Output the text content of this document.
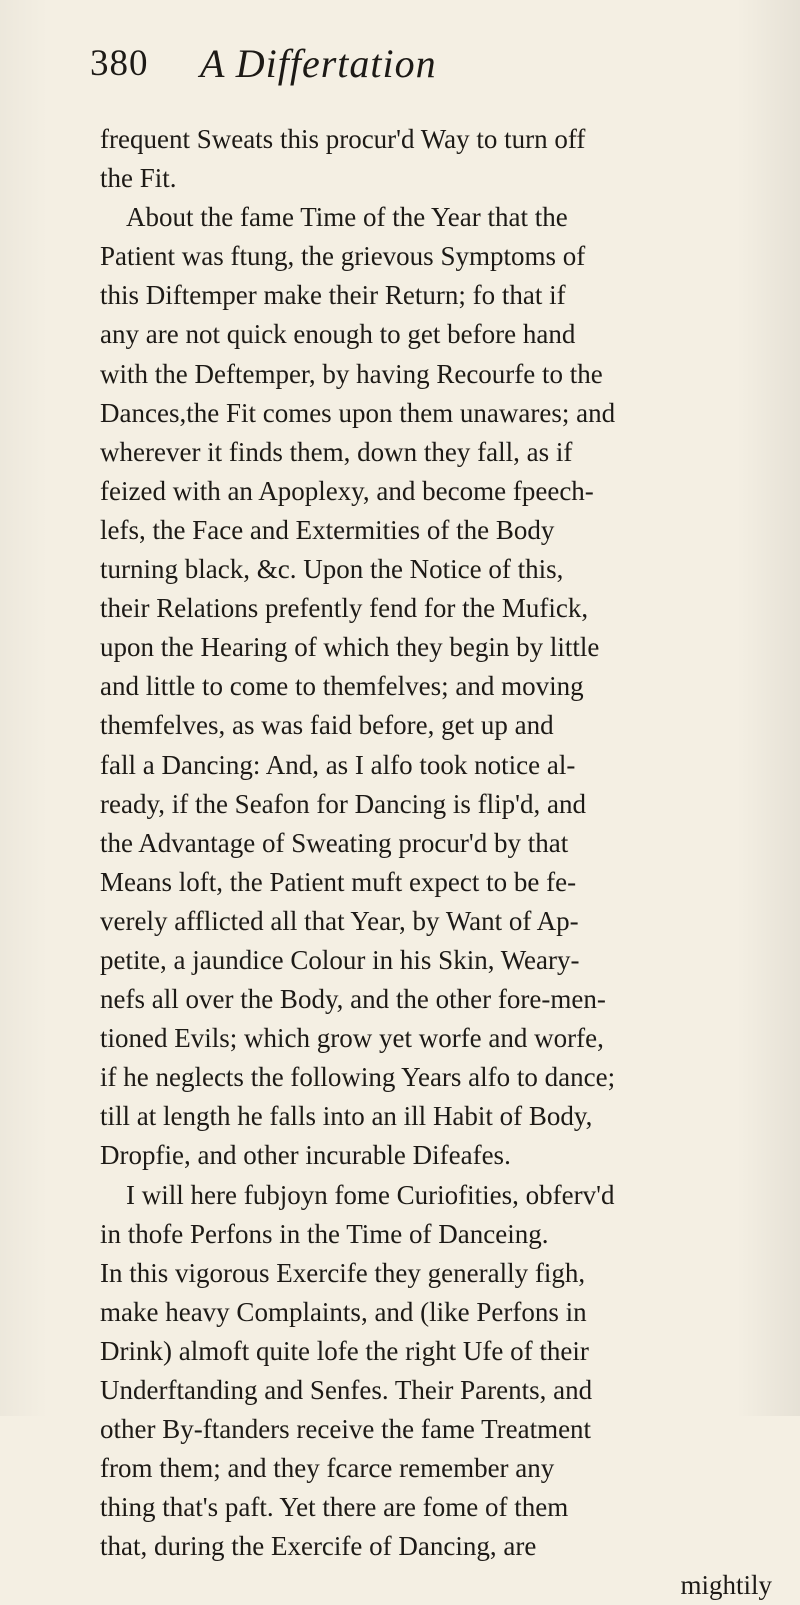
380 A Differtation
frequent Sweats this procur'd Way to turn off
the Fit.
About the fame Time of the Year that the
Patient was ftung, the grievous Symptoms of
this Diftemper make their Return; fo that if
any are not quick enough to get before hand
with the Deftemper, by having Recourfe to the
Dances,the Fit comes upon them unawares; and
wherever it finds them, down they fall, as if
feized with an Apoplexy, and become fpeech-
lefs, the Face and Extermities of the Body
turning black, &c. Upon the Notice of this,
their Relations prefently fend for the Mufick,
upon the Hearing of which they begin by little
and little to come to themfelves; and moving
themfelves, as was faid before, get up and
fall a Dancing: And, as I alfo took notice al-
ready, if the Seafon for Dancing is flip'd, and
the Advantage of Sweating procur'd by that
Means loft, the Patient muft expect to be fe-
verely afflicted all that Year, by Want of Ap-
petite, a jaundice Colour in his Skin, Weary-
nefs all over the Body, and the other fore-men-
tioned Evils; which grow yet worfe and worfe,
if he neglects the following Years alfo to dance;
till at length he falls into an ill Habit of Body,
Dropfie, and other incurable Difeafes.
I will here fubjoyn fome Curiofities, obferv'd
in thofe Perfons in the Time of Danceing.
In this vigorous Exercife they generally figh,
make heavy Complaints, and (like Perfons in
Drink) almoft quite lofe the right Ufe of their
Underftanding and Senfes. Their Parents, and
other By-ftanders receive the fame Treatment
from them; and they fcarce remember any
thing that's paft. Yet there are fome of them
that, during the Exercife of Dancing, are
mightily
